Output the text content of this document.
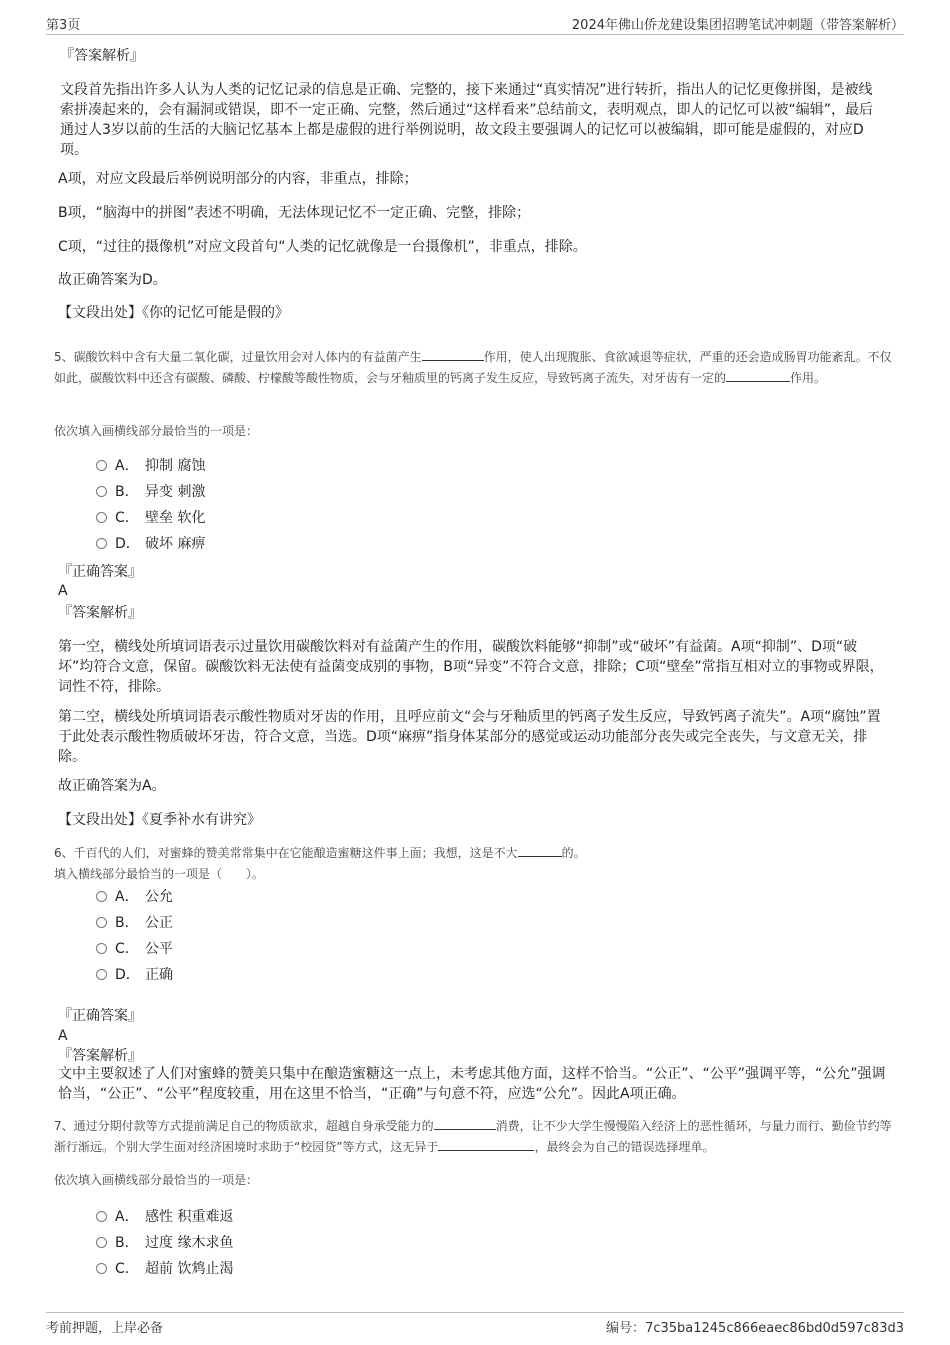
第3页	2024年佛山侨龙建设集团招聘笔试冲刺题（带答案解析）
『答案解析』

文段首先指出许多人认为人类的记忆记录的信息是正确、完整的，接下来通过“真实情况”进行转折，指出人的记忆更像拼图，是被线索拼凑起来的，会有漏洞或错误，即不一定正确、完整，然后通过“这样看来”总结前文，表明观点，即人的记忆可以被“编辑”，最后通过人3岁以前的生活的大脑记忆基本上都是虚假的进行举例说明，故文段主要强调人的记忆可以被编辑，即可能是虚假的，对应D项。

A项，对应文段最后举例说明部分的内容，非重点，排除；

B项，“脑海中的拼图”表述不明确，无法体现记忆不一定正确、完整，排除；

C项，“过往的摄像机”对应文段首句“人类的记忆就像是一台摄像机”，非重点，排除。

故正确答案为D。

【文段出处】《你的记忆可能是假的》

5、碳酸饮料中含有大量二氧化碳，过量饮用会对人体内的有益菌产生	作用，使人出现腹胀、食欲减退等症状，严重的还会造成肠胃功能紊乱。不仅如此，碳酸饮料中还含有碳酸、磷酸、柠檬酸等酸性物质，会与牙釉质里的钙离子发生反应，导致钙离子流失，对牙齿有一定的	作用。

依次填入画横线部分最恰当的一项是：

A． 抑制 腐蚀
B． 异变 刺激
C． 壁垒 软化
D． 破坏 麻痹
『正确答案』
A
『答案解析』

第一空，横线处所填词语表示过量饮用碳酸饮料对有益菌产生的作用，碳酸饮料能够“抑制”或“破坏”有益菌。A项“抑制”、D项“破坏”均符合文意，保留。碳酸饮料无法使有益菌变成别的事物，B项“异变”不符合文意，排除；C项“壁垒”常指互相对立的事物或界限，词性不符，排除。

第二空，横线处所填词语表示酸性物质对牙齿的作用，且呼应前文“会与牙釉质里的钙离子发生反应，导致钙离子流失”。A项“腐蚀”置于此处表示酸性物质破坏牙齿，符合文意，当选。D项“麻痹”指身体某部分的感觉或运动功能部分丧失或完全丧失，与文意无关，排除。

故正确答案为A。

【文段出处】《夏季补水有讲究》

6、千百代的人们，对蜜蜂的赞美常常集中在它能酿造蜜糖这件事上面；我想，这是不大	的。

填入横线部分最恰当的一项是（　　）。

A． 公允
B． 公正
C． 公平
D． 正确
『正确答案』
A
『答案解析』

文中主要叙述了人们对蜜蜂的赞美只集中在酿造蜜糖这一点上，未考虑其他方面，这样不恰当。“公正”、“公平”强调平等，“公允”强调恰当，“公正”、“公平”程度较重，用在这里不恰当，“正确”与句意不符，应选“公允”。因此A项正确。

7、通过分期付款等方式提前满足自己的物质欲求，超越自身承受能力的	消费，让不少大学生慢慢陷入经济上的恶性循环，与量力而行、勤俭节约等渐行渐远。个别大学生面对经济困境时求助于“校园贷”等方式，这无异于	，最终会为自己的错误选择埋单。

依次填入画横线部分最恰当的一项是：

A． 感性 积重难返
B． 过度 缘木求鱼
C． 超前 饮鸩止渴
考前押题，上岸必备	编号：7c35ba1245c866eaec86bd0d597c83d3
